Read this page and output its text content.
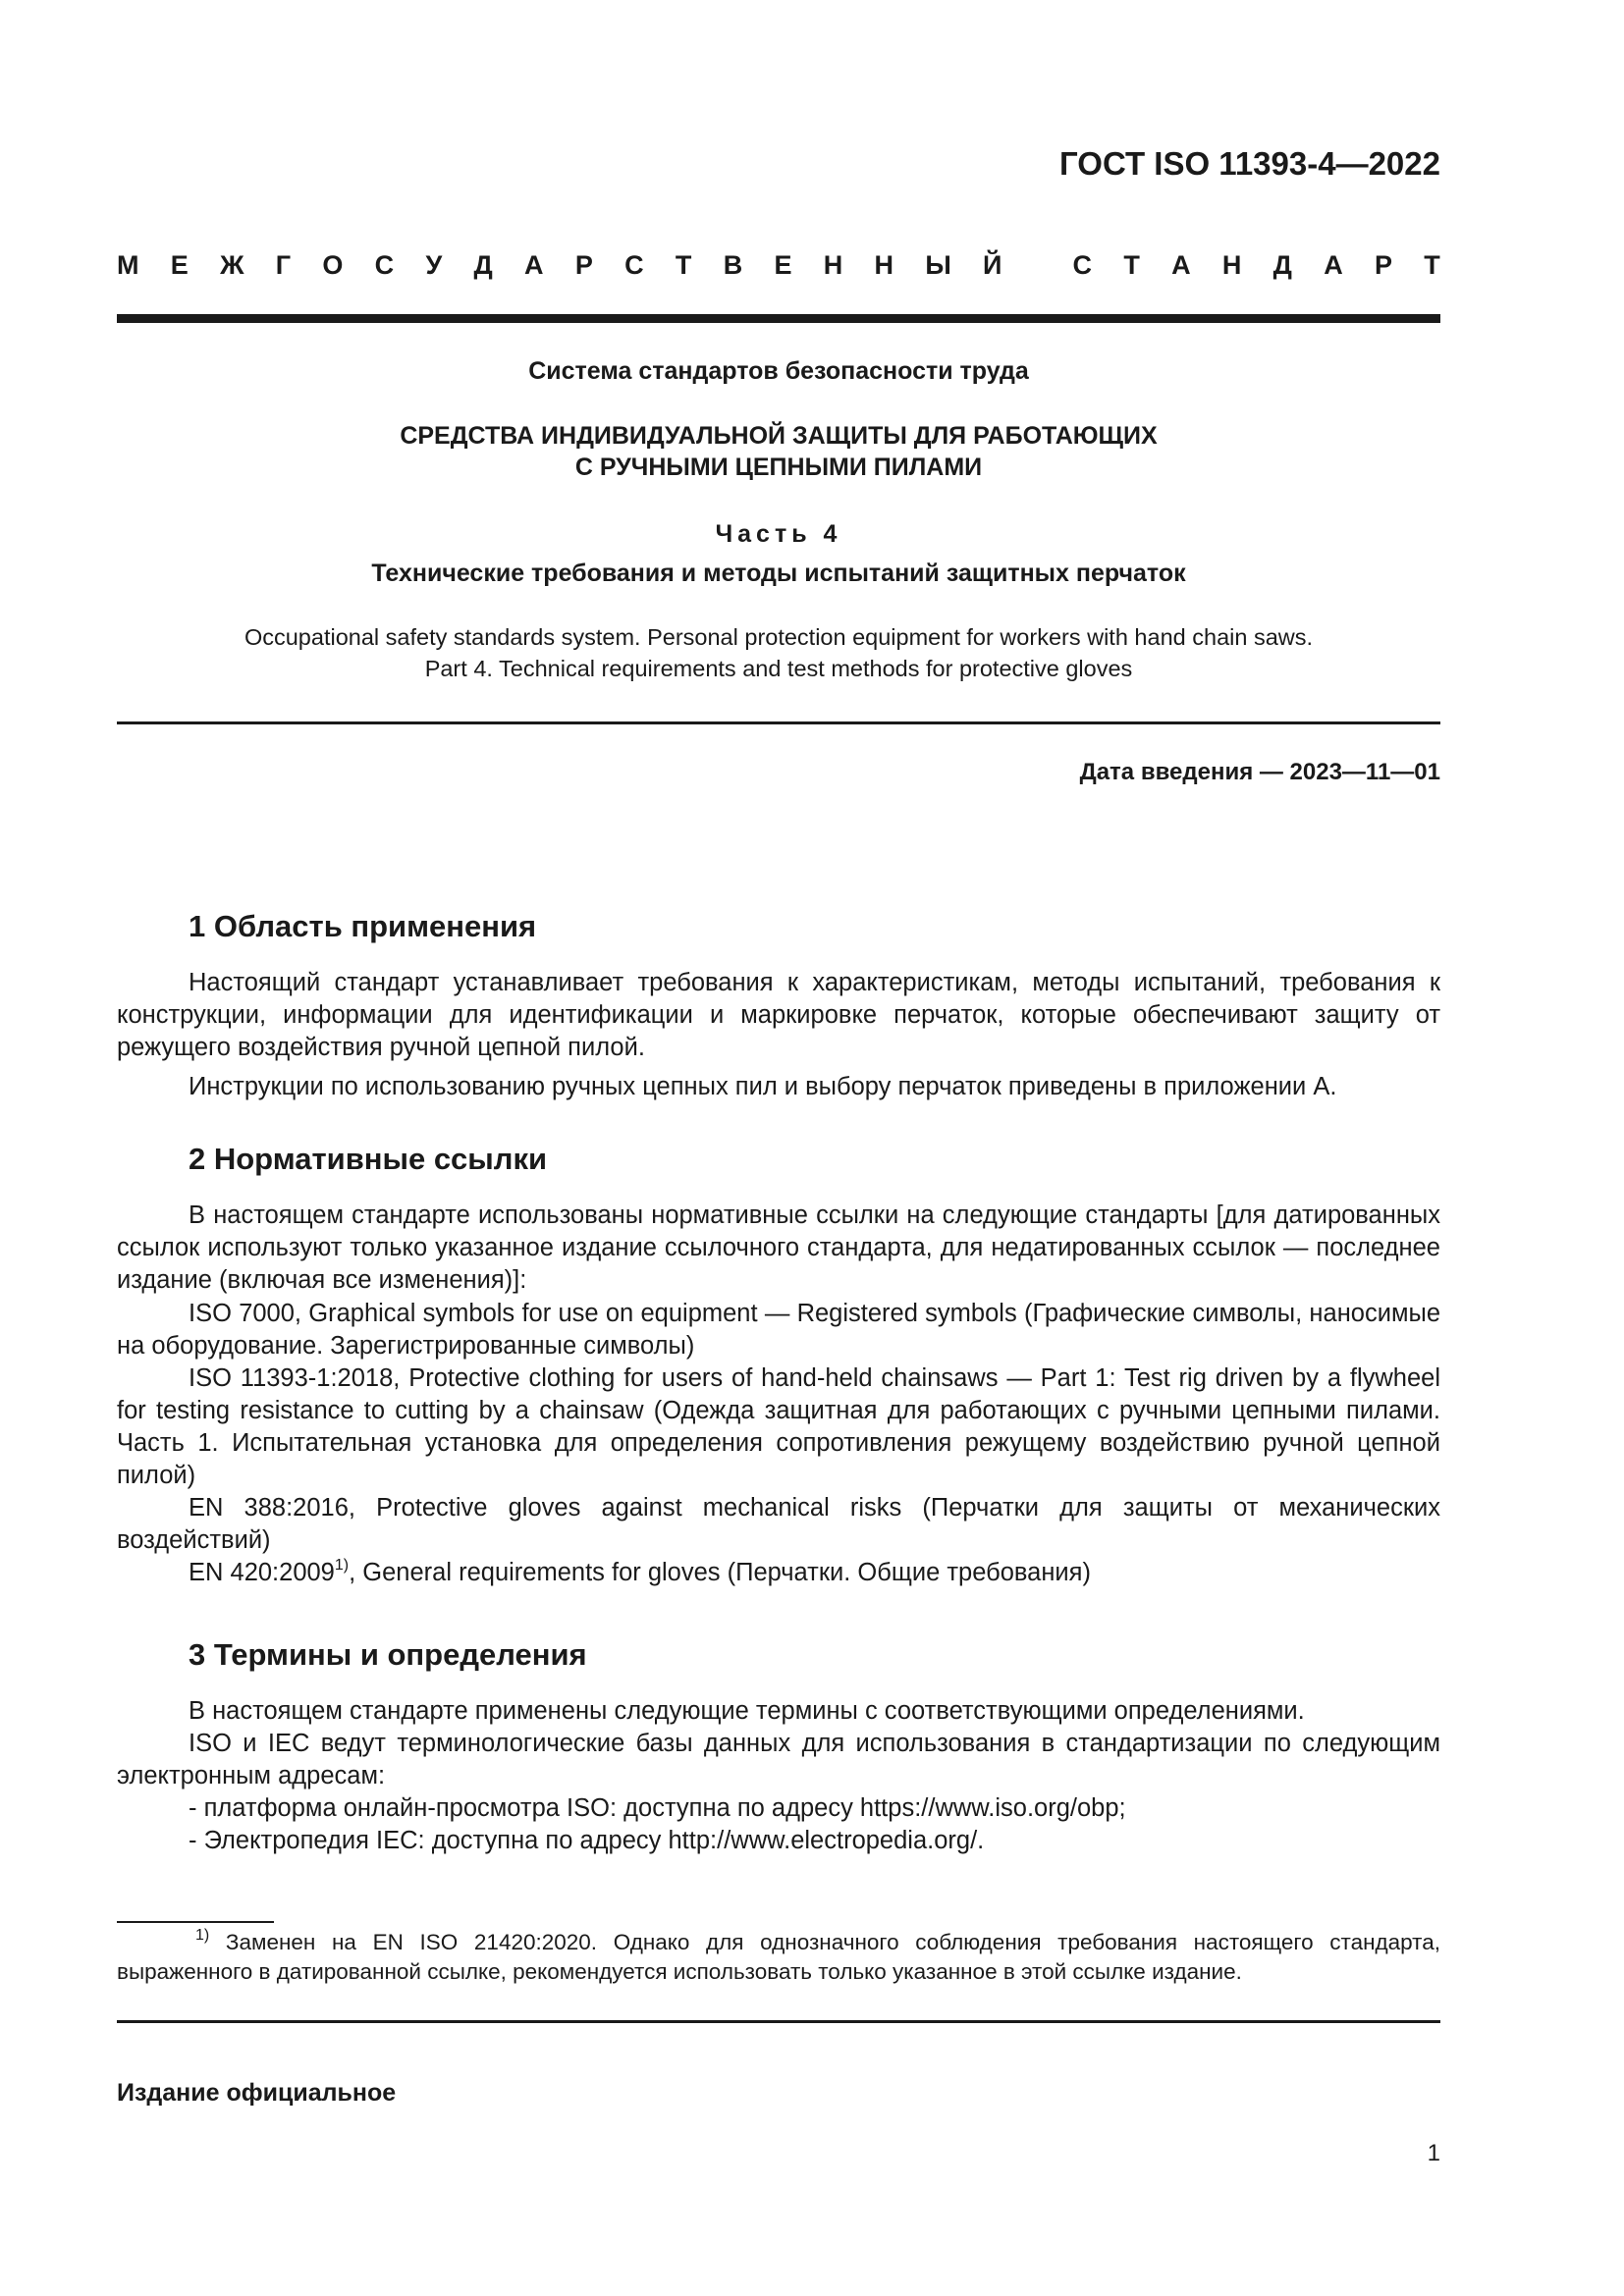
ГОСТ ISO 11393-4—2022
М Е Ж Г О С У Д А Р С Т В Е Н Н Ы Й
	С Т А Н Д А Р Т
Система стандартов безопасности труда
СРЕДСТВА ИНДИВИДУАЛЬНОЙ ЗАЩИТЫ ДЛЯ РАБОТАЮЩИХ
С РУЧНЫМИ ЦЕПНЫМИ ПИЛАМИ
Часть 4
Технические требования и методы испытаний защитных перчаток
Occupational safety standards system. Personal protection equipment for workers with hand chain saws.
Part 4. Technical requirements and test methods for protective gloves
Дата введения — 2023—11—01
1 Область применения

Настоящий стандарт устанавливает требования к характеристикам, методы испытаний, требования к конструкции, информации для идентификации и маркировке перчаток, которые обеспечивают защиту от режущего воздействия ручной цепной пилой.

Инструкции по использованию ручных цепных пил и выбору перчаток приведены в приложении А.

2 Нормативные ссылки

В настоящем стандарте использованы нормативные ссылки на следующие стандарты [для датированных ссылок используют только указанное издание ссылочного стандарта, для недатированных ссылок — последнее издание (включая все изменения)]:

ISO 7000, Graphical symbols for use on equipment — Registered symbols (Графические символы, наносимые на оборудование. Зарегистрированные символы)

ISO 11393-1:2018, Protective clothing for users of hand-held chainsaws — Part 1: Test rig driven by a flywheel for testing resistance to cutting by a chainsaw (Одежда защитная для работающих с ручными цепными пилами. Часть 1. Испытательная установка для определения сопротивления режущему воздействию ручной цепной пилой)

EN 388:2016, Protective gloves against mechanical risks (Перчатки для защиты от механических воздействий)

EN 420:2009$^{1)}$, General requirements for gloves (Перчатки. Общие требования)

3 Термины и определения

В настоящем стандарте применены следующие термины с соответствующими определениями.

ISO и IEC ведут терминологические базы данных для использования в стандартизации по следующим электронным адресам:

- платформа онлайн-просмотра ISO: доступна по адресу https://www.iso.org/obp;
- Электропедия IEC: доступна по адресу http://www.electropedia.org/.

$^{1)}$ Заменен на EN ISO 21420:2020. Однако для однозначного соблюдения требования настоящего стандарта, выраженного в датированной ссылке, рекомендуется использовать только указанное в этой ссылке издание.

Издание официальное
1
